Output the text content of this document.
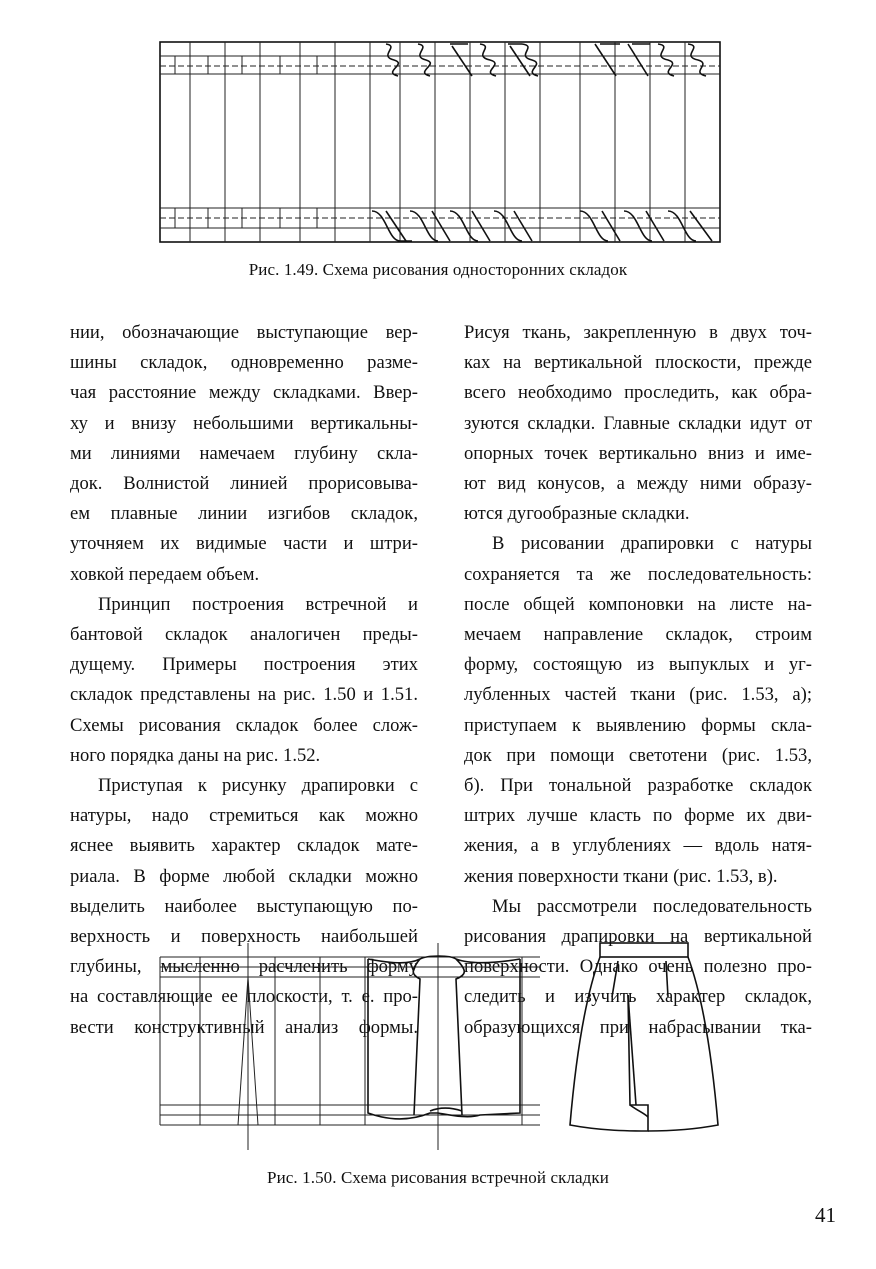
Рис. 1.49. Схема рисования односторонних складок

нии, обозначающие выступающие вер-
шины складок, одновременно разме-
чая расстояние между складками. Ввер-
ху и внизу небольшими вертикальны-
ми линиями намечаем глубину скла-
док. Волнистой линией прорисовыва-
ем плавные линии изгибов складок,
уточняем их видимые части и штри-
ховкой передаем объем.

Принцип построения встречной и
бантовой складок аналогичен преды-
дущему. Примеры построения этих
складок представлены на рис. 1.50 и 1.51.
Схемы рисования складок более слож-
ного порядка даны на рис. 1.52.

Приступая к рисунку драпировки с
натуры, надо стремиться как можно
яснее выявить характер складок мате-
риала. В форме любой складки можно
выделить наиболее выступающую по-
верхность и поверхность наибольшей
глубины, мысленно расчленить форму
на составляющие ее плоскости, т. е. про-
вести конструктивный анализ формы.

Рисуя ткань, закрепленную в двух точ-
ках на вертикальной плоскости, прежде
всего необходимо проследить, как обра-
зуются складки. Главные складки идут от
опорных точек вертикально вниз и име-
ют вид конусов, а между ними образу-
ются дугообразные складки.

В рисовании драпировки с натуры
сохраняется та же последовательность:
после общей компоновки на листе на-
мечаем направление складок, строим
форму, состоящую из выпуклых и уг-
лубленных частей ткани (рис. 1.53, а);
приступаем к выявлению формы скла-
док при помощи светотени (рис. 1.53,
б). При тональной разработке складок
штрих лучше класть по форме их дви-
жения, а в углублениях — вдоль натя-
жения поверхности ткани (рис. 1.53, в).

Мы рассмотрели последовательность
рисования драпировки на вертикальной
поверхности. Однако очень полезно про-
следить и изучить характер складок,
образующихся при набрасывании тка-

Рис. 1.50. Схема рисования встречной складки
41
